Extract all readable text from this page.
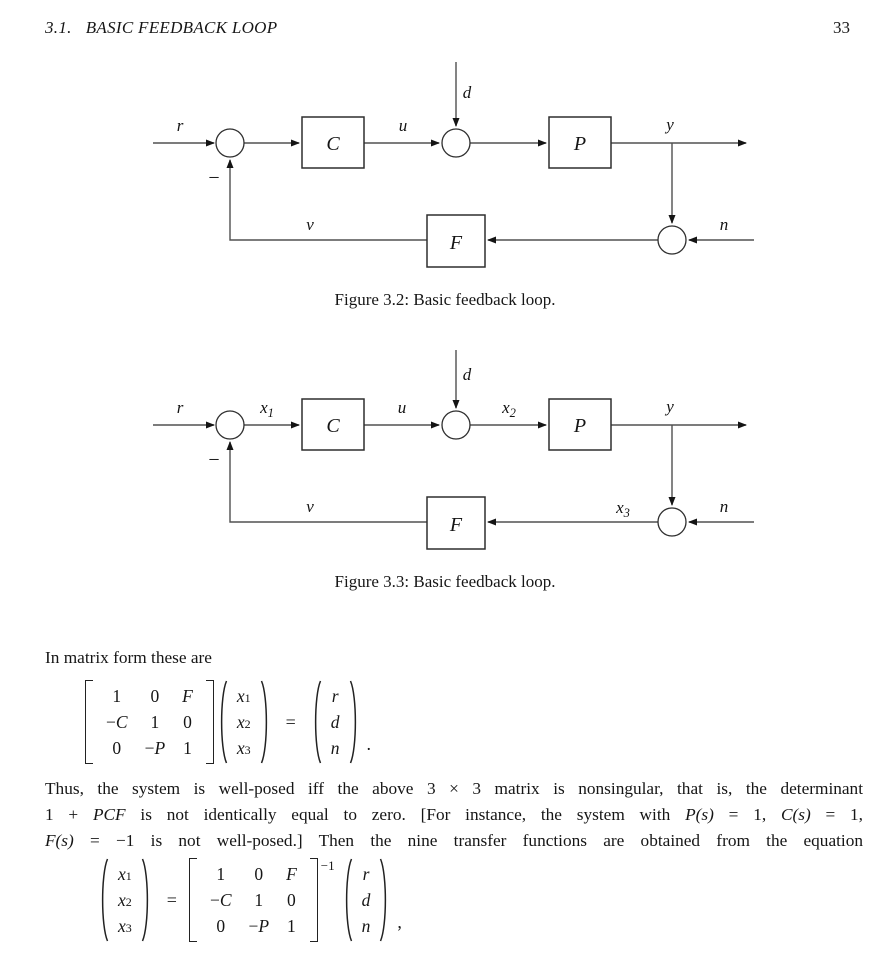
3.1. BASIC FEEDBACK LOOP	33
C	P
F
r	u
d
y
n
v
−
Figure 3.2: Basic feedback loop.
C	P
F
r	$x_1$	u
d
$x_2$	y
$x_3$	n
v
−
Figure 3.3: Basic feedback loop.
In matrix form these are
1 0 F
−C 1 0
0 −P 1
x 1
x 2
x 3
=
r
d
n .
Thus, the system is well-posed iff the above 3 × 3 matrix is nonsingular, that is, the determinant
1 + PCF is not identically equal to zero. [For instance, the system with P(s) = 1, C(s) = 1,
F(s) = −1 is not well-posed.] Then the nine transfer functions are obtained from the equation
x 1
x 2
x 3
=
1 0 F
−C 1 0
0 −P 1
$^{-1}$ r
d
n ,
